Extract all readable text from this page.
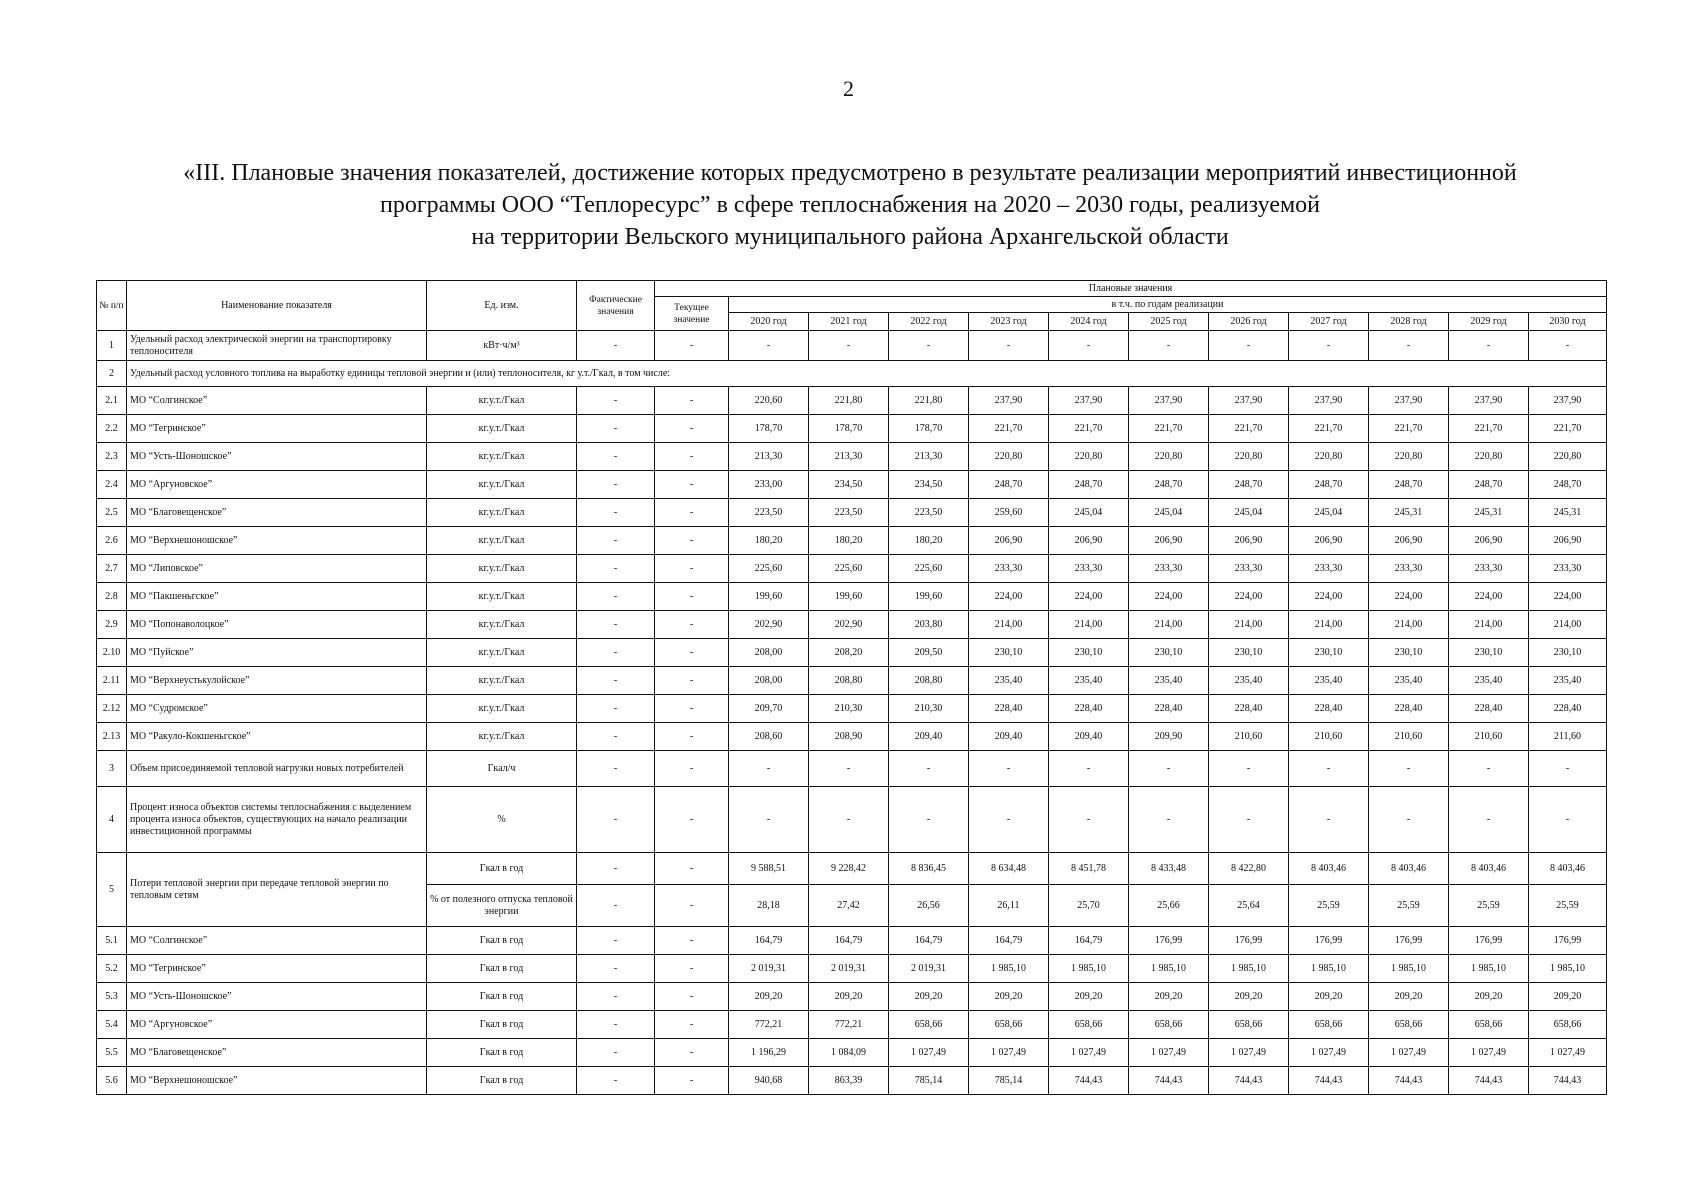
2
«III. Плановые значения показателей, достижение которых предусмотрено в результате реализации мероприятий инвестиционной
программы ООО “Теплоресурс” в сфере теплоснабжения на 2020 – 2030 годы, реализуемой
на территории Вельского муниципального района Архангельской области
№ п/п	Наименование показателя	Ед. изм.	Фактические значения	Плановые значения											
				Текущее значение	в т.ч. по годам реализации										
					2020 год	2021 год	2022 год	2023 год	2024 год	2025 год	2026 год	2027 год	2028 год	2029 год	2030 год
1	Удельный расход электрической энергии на транспортировку теплоносителя	кВт·ч/м³	-	-	-	-	-	-	-	-	-	-	-	-	-
2	Удельный расход условного топлива на выработку единицы тепловой энергии и (или) теплоносителя, кг у.т./Гкал, в том числе:														
2.1	МО “Солгинское”	кг.у.т./Гкал	-	-	220,60	221,80	221,80	237,90	237,90	237,90	237,90	237,90	237,90	237,90	237,90
2.2	МО “Тегринское”	кг.у.т./Гкал	-	-	178,70	178,70	178,70	221,70	221,70	221,70	221,70	221,70	221,70	221,70	221,70
2.3	МО “Усть-Шоношское”	кг.у.т./Гкал	-	-	213,30	213,30	213,30	220,80	220,80	220,80	220,80	220,80	220,80	220,80	220,80
2.4	МО “Аргуновское”	кг.у.т./Гкал	-	-	233,00	234,50	234,50	248,70	248,70	248,70	248,70	248,70	248,70	248,70	248,70
2.5	МО “Благовещенское”	кг.у.т./Гкал	-	-	223,50	223,50	223,50	259,60	245,04	245,04	245,04	245,04	245,31	245,31	245,31
2.6	МО “Верхнешоношское”	кг.у.т./Гкал	-	-	180,20	180,20	180,20	206,90	206,90	206,90	206,90	206,90	206,90	206,90	206,90
2.7	МО “Липовское”	кг.у.т./Гкал	-	-	225,60	225,60	225,60	233,30	233,30	233,30	233,30	233,30	233,30	233,30	233,30
2.8	МО “Пакшеньгское”	кг.у.т./Гкал	-	-	199,60	199,60	199,60	224,00	224,00	224,00	224,00	224,00	224,00	224,00	224,00
2.9	МО “Попонаволоцкое”	кг.у.т./Гкал	-	-	202,90	202,90	203,80	214,00	214,00	214,00	214,00	214,00	214,00	214,00	214,00
2.10	МО “Пуйское”	кг.у.т./Гкал	-	-	208,00	208,20	209,50	230,10	230,10	230,10	230,10	230,10	230,10	230,10	230,10
2.11	МО “Верхнеустькулойское”	кг.у.т./Гкал	-	-	208,00	208,80	208,80	235,40	235,40	235,40	235,40	235,40	235,40	235,40	235,40
2.12	МО “Судромское”	кг.у.т./Гкал	-	-	209,70	210,30	210,30	228,40	228,40	228,40	228,40	228,40	228,40	228,40	228,40
2.13	МО “Ракуло-Кокшеньгское”	кг.у.т./Гкал	-	-	208,60	208,90	209,40	209,40	209,40	209,90	210,60	210,60	210,60	210,60	211,60
3	Объем присоединяемой тепловой нагрузки новых потребителей	Гкал/ч	-	-	-	-	-	-	-	-	-	-	-	-	-
4	Процент износа объектов системы теплоснабжения с выделением процента износа объектов, существующих на начало реализации инвестиционной программы	%	-	-	-	-	-	-	-	-	-	-	-	-	-
5	Потери тепловой энергии при передаче тепловой энергии по тепловым сетям	Гкал в год	-	-	9 588,51	9 228,42	8 836,45	8 634,48	8 451,78	8 433,48	8 422,80	8 403,46	8 403,46	8 403,46	8 403,46
		% от полезного отпуска тепловой энергии	-	-	28,18	27,42	26,56	26,11	25,70	25,66	25,64	25,59	25,59	25,59	25,59
5.1	МО “Солгинское”	Гкал в год	-	-	164,79	164,79	164,79	164,79	164,79	176,99	176,99	176,99	176,99	176,99	176,99
5.2	МО “Тегринское”	Гкал в год	-	-	2 019,31	2 019,31	2 019,31	1 985,10	1 985,10	1 985,10	1 985,10	1 985,10	1 985,10	1 985,10	1 985,10
5.3	МО “Усть-Шоношское”	Гкал в год	-	-	209,20	209,20	209,20	209,20	209,20	209,20	209,20	209,20	209,20	209,20	209,20
5.4	МО “Аргуновское”	Гкал в год	-	-	772,21	772,21	658,66	658,66	658,66	658,66	658,66	658,66	658,66	658,66	658,66
5.5	МО “Благовещенское”	Гкал в год	-	-	1 196,29	1 084,09	1 027,49	1 027,49	1 027,49	1 027,49	1 027,49	1 027,49	1 027,49	1 027,49	1 027,49
5.6	МО “Верхнешоношское”	Гкал в год	-	-	940,68	863,39	785,14	785,14	744,43	744,43	744,43	744,43	744,43	744,43	744,43
